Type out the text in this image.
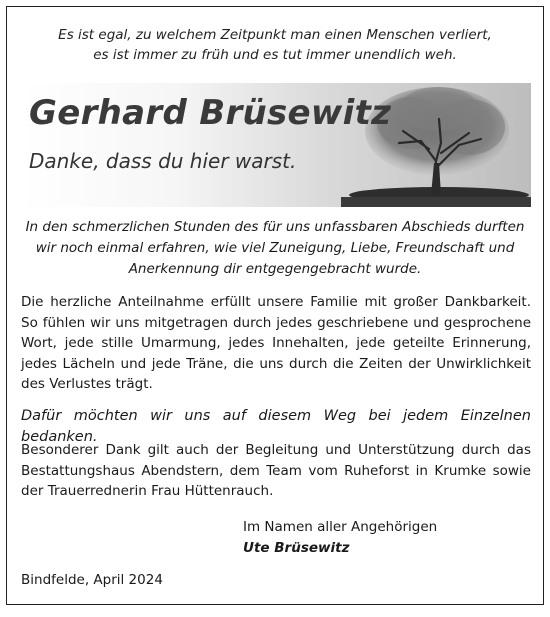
Es ist egal, zu welchem Zeitpunkt man einen Menschen verliert,
es ist immer zu früh und es tut immer unendlich weh.
Gerhard Brüsewitz
Danke, dass du hier warst.
In den schmerzlichen Stunden des für uns unfassbaren Abschieds durften
wir noch einmal erfahren, wie viel Zuneigung, Liebe, Freundschaft und
Anerkennung dir entgegengebracht wurde.
Die herzliche Anteilnahme erfüllt unsere Familie mit großer Dankbarkeit.
So fühlen wir uns mitgetragen durch jedes geschriebene und gesprochene
Wort, jede stille Umarmung, jedes Innehalten, jede geteilte Erinnerung,
jedes Lächeln und jede Träne, die uns durch die Zeiten der Unwirklichkeit
des Verlustes trägt.
Dafür möchten wir uns auf diesem Weg bei jedem Einzelnen bedanken.
Besonderer Dank gilt auch der Begleitung und Unterstützung durch das
Bestattungshaus Abendstern, dem Team vom Ruheforst in Krumke sowie
der Trauerrednerin Frau Hüttenrauch.
Im Namen aller Angehörigen
Ute Brüsewitz
Bindfelde, April 2024
